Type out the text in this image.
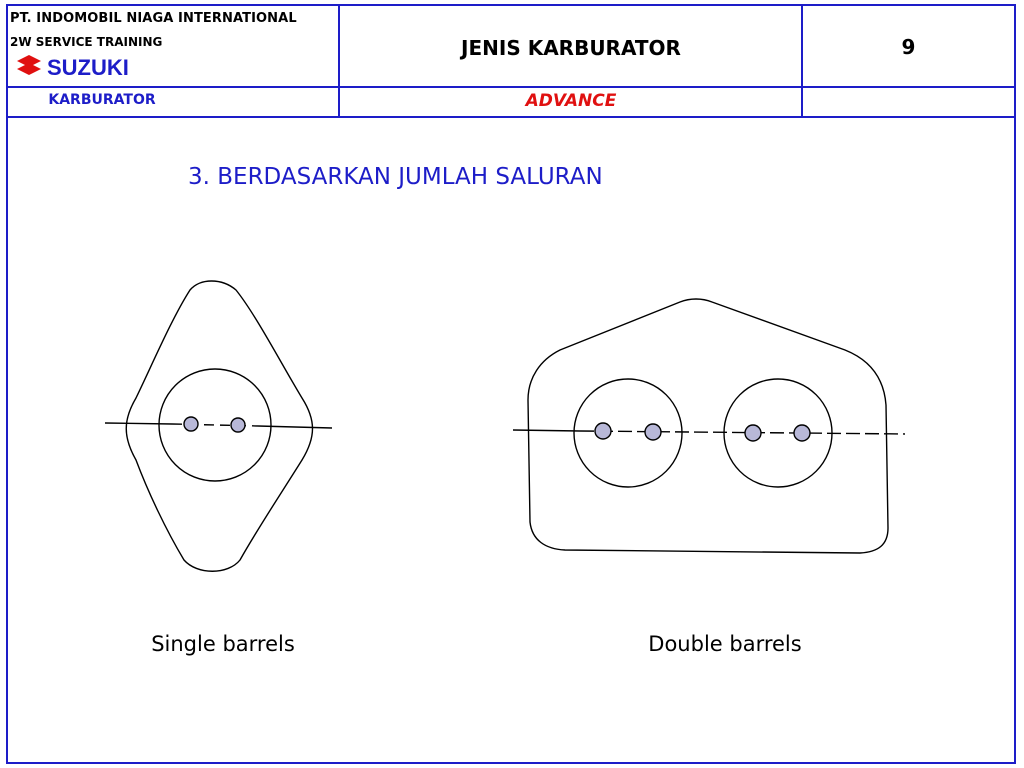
PT. INDOMOBIL NIAGA INTERNATIONAL
2W SERVICE TRAINING
SUZUKI
JENIS KARBURATOR	9
KARBURATOR	ADVANCE
3. BERDASARKAN JUMLAH SALURAN
Single barrels	Double barrels
